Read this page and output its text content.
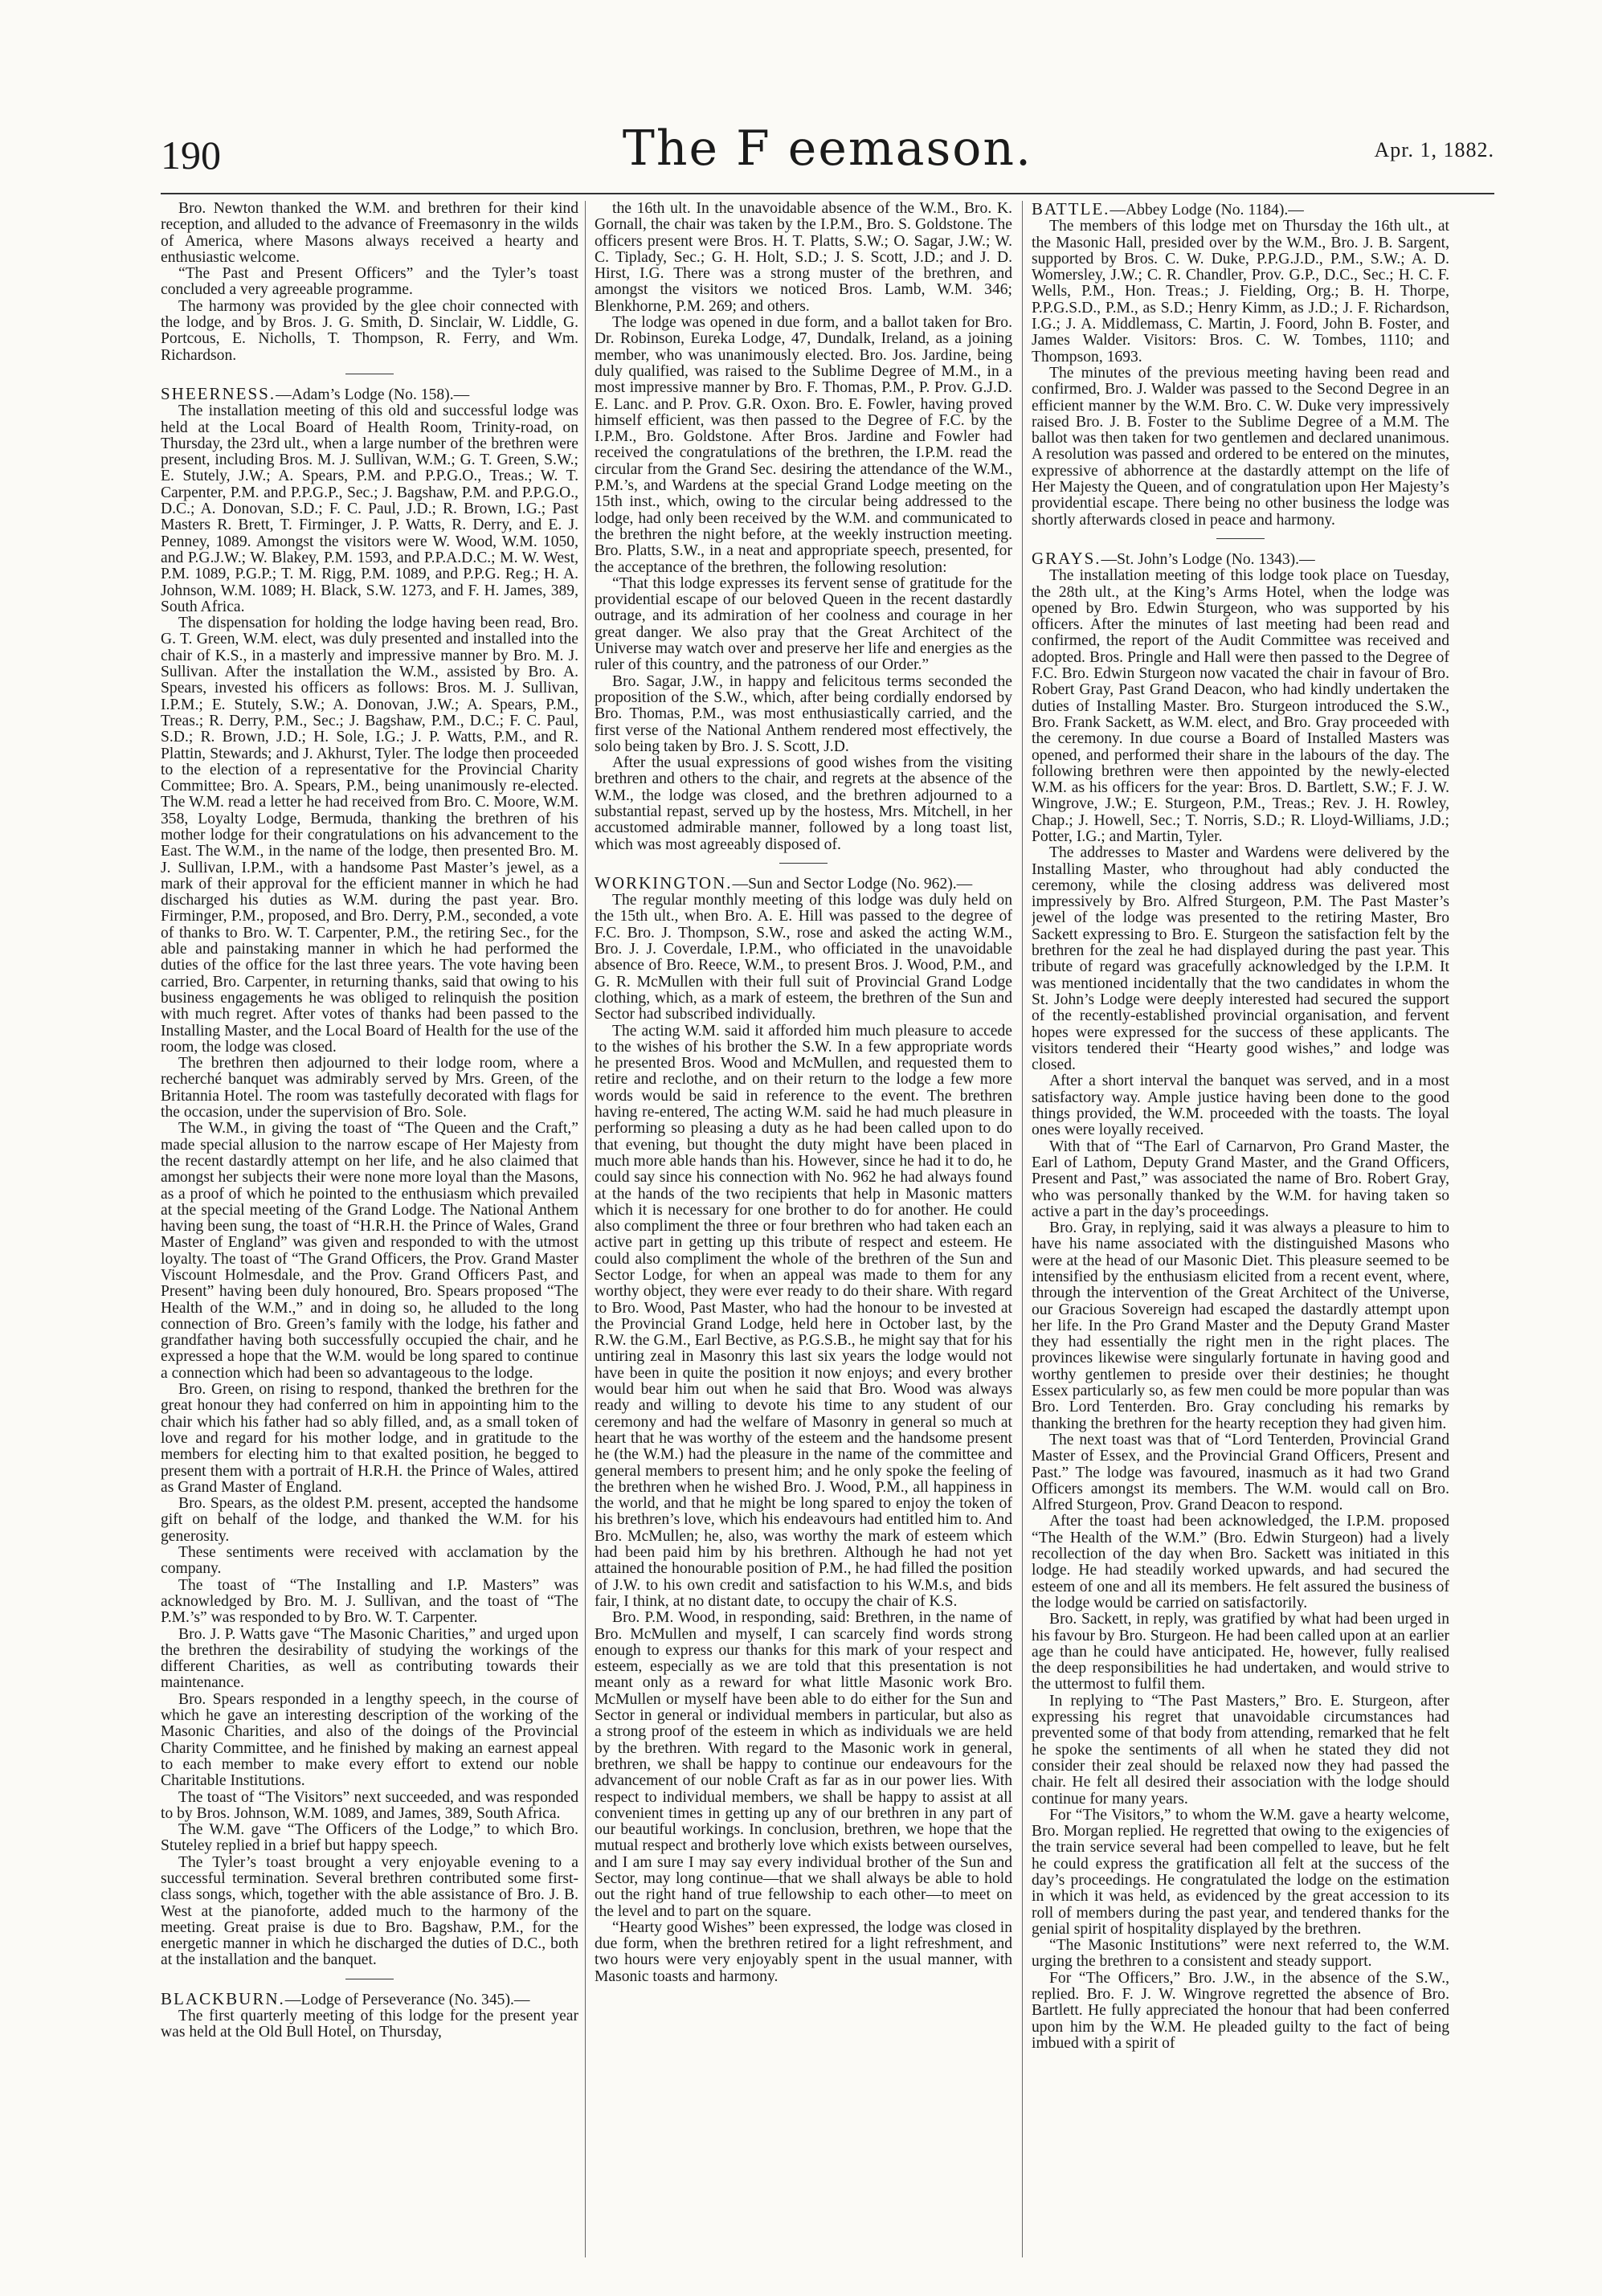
190	The F eemason.	Apr. 1, 1882.

Bro. Newton thanked the W.M. and brethren for their kind reception, and alluded to the advance of Freemasonry in the wilds of America, where Masons always received a hearty and enthusiastic welcome.

“The Past and Present Officers” and the Tyler’s toast concluded a very agreeable programme.

The harmony was provided by the glee choir connected with the lodge, and by Bros. J. G. Smith, D. Sinclair, W. Liddle, G. Portcous, E. Nicholls, T. Thompson, R. Ferry, and Wm. Richardson.

SHEERNESS.—Adam’s Lodge (No. 158).—

The installation meeting of this old and successful lodge was held at the Local Board of Health Room, Trinity-road, on Thursday, the 23rd ult., when a large number of the brethren were present, including Bros. M. J. Sullivan, W.M.; G. T. Green, S.W.; E. Stutely, J.W.; A. Spears, P.M. and P.P.G.O., Treas.; W. T. Carpenter, P.M. and P.P.G.P., Sec.; J. Bagshaw, P.M. and P.P.G.O., D.C.; A. Donovan, S.D.; F. C. Paul, J.D.; R. Brown, I.G.; Past Masters R. Brett, T. Firminger, J. P. Watts, R. Derry, and E. J. Penney, 1089. Amongst the visitors were W. Wood, W.M. 1050, and P.G.J.W.; W. Blakey, P.M. 1593, and P.P.A.D.C.; M. W. West, P.M. 1089, P.G.P.; T. M. Rigg, P.M. 1089, and P.P.G. Reg.; H. A. Johnson, W.M. 1089; H. Black, S.W. 1273, and F. H. James, 389, South Africa.

The dispensation for holding the lodge having been read, Bro. G. T. Green, W.M. elect, was duly presented and installed into the chair of K.S., in a masterly and impressive manner by Bro. M. J. Sullivan. After the installation the W.M., assisted by Bro. A. Spears, invested his officers as follows: Bros. M. J. Sullivan, I.P.M.; E. Stutely, S.W.; A. Donovan, J.W.; A. Spears, P.M., Treas.; R. Derry, P.M., Sec.; J. Bagshaw, P.M., D.C.; F. C. Paul, S.D.; R. Brown, J.D.; H. Sole, I.G.; J. P. Watts, P.M., and R. Plattin, Stewards; and J. Akhurst, Tyler. The lodge then proceeded to the election of a representative for the Provincial Charity Committee; Bro. A. Spears, P.M., being unanimously re-elected. The W.M. read a letter he had received from Bro. C. Moore, W.M. 358, Loyalty Lodge, Bermuda, thanking the brethren of his mother lodge for their congratulations on his advancement to the East. The W.M., in the name of the lodge, then presented Bro. M. J. Sullivan, I.P.M., with a handsome Past Master’s jewel, as a mark of their approval for the efficient manner in which he had discharged his duties as W.M. during the past year. Bro. Firminger, P.M., proposed, and Bro. Derry, P.M., seconded, a vote of thanks to Bro. W. T. Carpenter, P.M., the retiring Sec., for the able and painstaking manner in which he had performed the duties of the office for the last three years. The vote having been carried, Bro. Carpenter, in returning thanks, said that owing to his business engagements he was obliged to relinquish the position with much regret. After votes of thanks had been passed to the Installing Master, and the Local Board of Health for the use of the room, the lodge was closed.

The brethren then adjourned to their lodge room, where a recherché banquet was admirably served by Mrs. Green, of the Britannia Hotel. The room was tastefully decorated with flags for the occasion, under the supervision of Bro. Sole.

The W.M., in giving the toast of “The Queen and the Craft,” made special allusion to the narrow escape of Her Majesty from the recent dastardly attempt on her life, and he also claimed that amongst her subjects their were none more loyal than the Masons, as a proof of which he pointed to the enthusiasm which prevailed at the special meeting of the Grand Lodge. The National Anthem having been sung, the toast of “H.R.H. the Prince of Wales, Grand Master of England” was given and responded to with the utmost loyalty. The toast of “The Grand Officers, the Prov. Grand Master Viscount Holmesdale, and the Prov. Grand Officers Past, and Present” having been duly honoured, Bro. Spears proposed “The Health of the W.M.,” and in doing so, he alluded to the long connection of Bro. Green’s family with the lodge, his father and grandfather having both successfully occupied the chair, and he expressed a hope that the W.M. would be long spared to continue a connection which had been so advantageous to the lodge.

Bro. Green, on rising to respond, thanked the brethren for the great honour they had conferred on him in appointing him to the chair which his father had so ably filled, and, as a small token of love and regard for his mother lodge, and in gratitude to the members for electing him to that exalted position, he begged to present them with a portrait of H.R.H. the Prince of Wales, attired as Grand Master of England.

Bro. Spears, as the oldest P.M. present, accepted the handsome gift on behalf of the lodge, and thanked the W.M. for his generosity.

These sentiments were received with acclamation by the company.

The toast of “The Installing and I.P. Masters” was acknowledged by Bro. M. J. Sullivan, and the toast of “The P.M.’s” was responded to by Bro. W. T. Carpenter.

Bro. J. P. Watts gave “The Masonic Charities,” and urged upon the brethren the desirability of studying the workings of the different Charities, as well as contributing towards their maintenance.

Bro. Spears responded in a lengthy speech, in the course of which he gave an interesting description of the working of the Masonic Charities, and also of the doings of the Provincial Charity Committee, and he finished by making an earnest appeal to each member to make every effort to extend our noble Charitable Institutions.

The toast of “The Visitors” next succeeded, and was responded to by Bros. Johnson, W.M. 1089, and James, 389, South Africa.

The W.M. gave “The Officers of the Lodge,” to which Bro. Stuteley replied in a brief but happy speech.

The Tyler’s toast brought a very enjoyable evening to a successful termination. Several brethren contributed some first-class songs, which, together with the able assistance of Bro. J. B. West at the pianoforte, added much to the harmony of the meeting. Great praise is due to Bro. Bagshaw, P.M., for the energetic manner in which he discharged the duties of D.C., both at the installation and the banquet.

BLACKBURN.—Lodge of Perseverance (No. 345).—

The first quarterly meeting of this lodge for the present year was held at the Old Bull Hotel, on Thursday,

the 16th ult. In the unavoidable absence of the W.M., Bro. K. Gornall, the chair was taken by the I.P.M., Bro. S. Goldstone. The officers present were Bros. H. T. Platts, S.W.; O. Sagar, J.W.; W. C. Tiplady, Sec.; G. H. Holt, S.D.; J. S. Scott, J.D.; and J. D. Hirst, I.G. There was a strong muster of the brethren, and amongst the visitors we noticed Bros. Lamb, W.M. 346; Blenkhorne, P.M. 269; and others.

The lodge was opened in due form, and a ballot taken for Bro. Dr. Robinson, Eureka Lodge, 47, Dundalk, Ireland, as a joining member, who was unanimously elected. Bro. Jos. Jardine, being duly qualified, was raised to the Sublime Degree of M.M., in a most impressive manner by Bro. F. Thomas, P.M., P. Prov. G.J.D. E. Lanc. and P. Prov. G.R. Oxon. Bro. E. Fowler, having proved himself efficient, was then passed to the Degree of F.C. by the I.P.M., Bro. Goldstone. After Bros. Jardine and Fowler had received the congratulations of the brethren, the I.P.M. read the circular from the Grand Sec. desiring the attendance of the W.M., P.M.’s, and Wardens at the special Grand Lodge meeting on the 15th inst., which, owing to the circular being addressed to the lodge, had only been received by the W.M. and communicated to the brethren the night before, at the weekly instruction meeting. Bro. Platts, S.W., in a neat and appropriate speech, presented, for the acceptance of the brethren, the following resolution:

“That this lodge expresses its fervent sense of gratitude for the providential escape of our beloved Queen in the recent dastardly outrage, and its admiration of her coolness and courage in her great danger. We also pray that the Great Architect of the Universe may watch over and preserve her life and energies as the ruler of this country, and the patroness of our Order.”

Bro. Sagar, J.W., in happy and felicitous terms seconded the proposition of the S.W., which, after being cordially endorsed by Bro. Thomas, P.M., was most enthusiastically carried, and the first verse of the National Anthem rendered most effectively, the solo being taken by Bro. J. S. Scott, J.D.

After the usual expressions of good wishes from the visiting brethren and others to the chair, and regrets at the absence of the W.M., the lodge was closed, and the brethren adjourned to a substantial repast, served up by the hostess, Mrs. Mitchell, in her accustomed admirable manner, followed by a long toast list, which was most agreeably disposed of.

WORKINGTON.—Sun and Sector Lodge (No. 962).—

The regular monthly meeting of this lodge was duly held on the 15th ult., when Bro. A. E. Hill was passed to the degree of F.C. Bro. J. Thompson, S.W., rose and asked the acting W.M., Bro. J. J. Coverdale, I.P.M., who officiated in the unavoidable absence of Bro. Reece, W.M., to present Bros. J. Wood, P.M., and G. R. McMullen with their full suit of Provincial Grand Lodge clothing, which, as a mark of esteem, the brethren of the Sun and Sector had subscribed individually.

The acting W.M. said it afforded him much pleasure to accede to the wishes of his brother the S.W. In a few appropriate words he presented Bros. Wood and McMullen, and requested them to retire and reclothe, and on their return to the lodge a few more words would be said in reference to the event. The brethren having re-entered, The acting W.M. said he had much pleasure in performing so pleasing a duty as he had been called upon to do that evening, but thought the duty might have been placed in much more able hands than his. However, since he had it to do, he could say since his connection with No. 962 he had always found at the hands of the two recipients that help in Masonic matters which it is necessary for one brother to do for another. He could also compliment the three or four brethren who had taken each an active part in getting up this tribute of respect and esteem. He could also compliment the whole of the brethren of the Sun and Sector Lodge, for when an appeal was made to them for any worthy object, they were ever ready to do their share. With regard to Bro. Wood, Past Master, who had the honour to be invested at the Provincial Grand Lodge, held here in October last, by the R.W. the G.M., Earl Bective, as P.G.S.B., he might say that for his untiring zeal in Masonry this last six years the lodge would not have been in quite the position it now enjoys; and every brother would bear him out when he said that Bro. Wood was always ready and willing to devote his time to any student of our ceremony and had the welfare of Masonry in general so much at heart that he was worthy of the esteem and the handsome present he (the W.M.) had the pleasure in the name of the committee and general members to present him; and he only spoke the feeling of the brethren when he wished Bro. J. Wood, P.M., all happiness in the world, and that he might be long spared to enjoy the token of his brethren’s love, which his endeavours had entitled him to. And Bro. McMullen; he, also, was worthy the mark of esteem which had been paid him by his brethren. Although he had not yet attained the honourable position of P.M., he had filled the position of J.W. to his own credit and satisfaction to his W.M.s, and bids fair, I think, at no distant date, to occupy the chair of K.S.

Bro. P.M. Wood, in responding, said: Brethren, in the name of Bro. McMullen and myself, I can scarcely find words strong enough to express our thanks for this mark of your respect and esteem, especially as we are told that this presentation is not meant only as a reward for what little Masonic work Bro. McMullen or myself have been able to do either for the Sun and Sector in general or individual members in particular, but also as a strong proof of the esteem in which as individuals we are held by the brethren. With regard to the Masonic work in general, brethren, we shall be happy to continue our endeavours for the advancement of our noble Craft as far as in our power lies. With respect to individual members, we shall be happy to assist at all convenient times in getting up any of our brethren in any part of our beautiful workings. In conclusion, brethren, we hope that the mutual respect and brotherly love which exists between ourselves, and I am sure I may say every individual brother of the Sun and Sector, may long continue—that we shall always be able to hold out the right hand of true fellowship to each other—to meet on the level and to part on the square.

“Hearty good Wishes” been expressed, the lodge was closed in due form, when the brethren retired for a light refreshment, and two hours were very enjoyably spent in the usual manner, with Masonic toasts and harmony.

BATTLE.—Abbey Lodge (No. 1184).—

The members of this lodge met on Thursday the 16th ult., at the Masonic Hall, presided over by the W.M., Bro. J. B. Sargent, supported by Bros. C. W. Duke, P.P.G.J.D., P.M., S.W.; A. D. Womersley, J.W.; C. R. Chandler, Prov. G.P., D.C., Sec.; H. C. F. Wells, P.M., Hon. Treas.; J. Fielding, Org.; B. H. Thorpe, P.P.G.S.D., P.M., as S.D.; Henry Kimm, as J.D.; J. F. Richardson, I.G.; J. A. Middlemass, C. Martin, J. Foord, John B. Foster, and James Walder. Visitors: Bros. C. W. Tombes, 1110; and Thompson, 1693.

The minutes of the previous meeting having been read and confirmed, Bro. J. Walder was passed to the Second Degree in an efficient manner by the W.M. Bro. C. W. Duke very impressively raised Bro. J. B. Foster to the Sublime Degree of a M.M. The ballot was then taken for two gentlemen and declared unanimous. A resolution was passed and ordered to be entered on the minutes, expressive of abhorrence at the dastardly attempt on the life of Her Majesty the Queen, and of congratulation upon Her Majesty’s providential escape. There being no other business the lodge was shortly afterwards closed in peace and harmony.

GRAYS.—St. John’s Lodge (No. 1343).—

The installation meeting of this lodge took place on Tuesday, the 28th ult., at the King’s Arms Hotel, when the lodge was opened by Bro. Edwin Sturgeon, who was supported by his officers. After the minutes of last meeting had been read and confirmed, the report of the Audit Committee was received and adopted. Bros. Pringle and Hall were then passed to the Degree of F.C. Bro. Edwin Sturgeon now vacated the chair in favour of Bro. Robert Gray, Past Grand Deacon, who had kindly undertaken the duties of Installing Master. Bro. Sturgeon introduced the S.W., Bro. Frank Sackett, as W.M. elect, and Bro. Gray proceeded with the ceremony. In due course a Board of Installed Masters was opened, and performed their share in the labours of the day. The following brethren were then appointed by the newly-elected W.M. as his officers for the year: Bros. D. Bartlett, S.W.; F. J. W. Wingrove, J.W.; E. Sturgeon, P.M., Treas.; Rev. J. H. Rowley, Chap.; J. Howell, Sec.; T. Norris, S.D.; R. Lloyd-Williams, J.D.; Potter, I.G.; and Martin, Tyler.

The addresses to Master and Wardens were delivered by the Installing Master, who throughout had ably conducted the ceremony, while the closing address was delivered most impressively by Bro. Alfred Sturgeon, P.M. The Past Master’s jewel of the lodge was presented to the retiring Master, Bro Sackett expressing to Bro. E. Sturgeon the satisfaction felt by the brethren for the zeal he had displayed during the past year. This tribute of regard was gracefully acknowledged by the I.P.M. It was mentioned incidentally that the two candidates in whom the St. John’s Lodge were deeply interested had secured the support of the recently-established provincial organisation, and fervent hopes were expressed for the success of these applicants. The visitors tendered their “Hearty good wishes,” and lodge was closed.

After a short interval the banquet was served, and in a most satisfactory way. Ample justice having been done to the good things provided, the W.M. proceeded with the toasts. The loyal ones were loyally received.

With that of “The Earl of Carnarvon, Pro Grand Master, the Earl of Lathom, Deputy Grand Master, and the Grand Officers, Present and Past,” was associated the name of Bro. Robert Gray, who was personally thanked by the W.M. for having taken so active a part in the day’s proceedings.

Bro. Gray, in replying, said it was always a pleasure to him to have his name associated with the distinguished Masons who were at the head of our Masonic Diet. This pleasure seemed to be intensified by the enthusiasm elicited from a recent event, where, through the intervention of the Great Architect of the Universe, our Gracious Sovereign had escaped the dastardly attempt upon her life. In the Pro Grand Master and the Deputy Grand Master they had essentially the right men in the right places. The provinces likewise were singularly fortunate in having good and worthy gentlemen to preside over their destinies; he thought Essex particularly so, as few men could be more popular than was Bro. Lord Tenterden. Bro. Gray concluding his remarks by thanking the brethren for the hearty reception they had given him.

The next toast was that of “Lord Tenterden, Provincial Grand Master of Essex, and the Provincial Grand Officers, Present and Past.” The lodge was favoured, inasmuch as it had two Grand Officers amongst its members. The W.M. would call on Bro. Alfred Sturgeon, Prov. Grand Deacon to respond.

After the toast had been acknowledged, the I.P.M. proposed “The Health of the W.M.” (Bro. Edwin Sturgeon) had a lively recollection of the day when Bro. Sackett was initiated in this lodge. He had steadily worked upwards, and had secured the esteem of one and all its members. He felt assured the business of the lodge would be carried on satisfactorily.

Bro. Sackett, in reply, was gratified by what had been urged in his favour by Bro. Sturgeon. He had been called upon at an earlier age than he could have anticipated. He, however, fully realised the deep responsibilities he had undertaken, and would strive to the uttermost to fulfil them.

In replying to “The Past Masters,” Bro. E. Sturgeon, after expressing his regret that unavoidable circumstances had prevented some of that body from attending, remarked that he felt he spoke the sentiments of all when he stated they did not consider their zeal should be relaxed now they had passed the chair. He felt all desired their association with the lodge should continue for many years.

For “The Visitors,” to whom the W.M. gave a hearty welcome, Bro. Morgan replied. He regretted that owing to the exigencies of the train service several had been compelled to leave, but he felt he could express the gratification all felt at the success of the day’s proceedings. He congratulated the lodge on the estimation in which it was held, as evidenced by the great accession to its roll of members during the past year, and tendered thanks for the genial spirit of hospitality displayed by the brethren.

“The Masonic Institutions” were next referred to, the W.M. urging the brethren to a consistent and steady support.

For “The Officers,” Bro. J.W., in the absence of the S.W., replied. Bro. F. J. W. Wingrove regretted the absence of Bro. Bartlett. He fully appreciated the honour that had been conferred upon him by the W.M. He pleaded guilty to the fact of being imbued with a spirit of
